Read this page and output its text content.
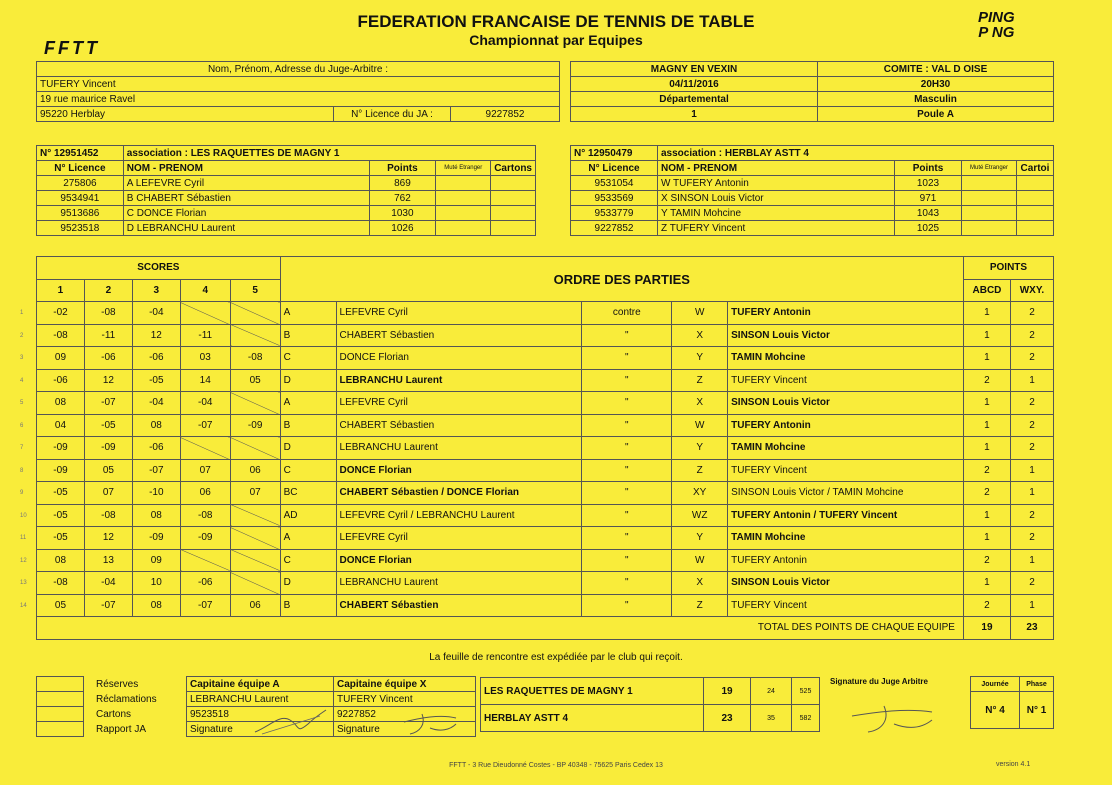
FEDERATION FRANCAISE DE TENNIS DE TABLE
Championnat par Equipes
FFTT
PING
P NG
Nom, Prénom, Adresse du Juge-Arbitre :
TUFERY Vincent
19 rue maurice Ravel
95220 Herblay	N° Licence du JA :	9227852
MAGNY EN VEXIN	COMITE : VAL D OISE
04/11/2016	20H30
Départemental	Masculin
1	Poule A
N° 12951452	association : LES RAQUETTES DE MAGNY 1			
N° Licence	NOM - PRENOM	Points	Muté Etranger	Cartons
275806	A LEFEVRE Cyril	869		
9534941	B CHABERT Sébastien	762		
9513686	C DONCE Florian	1030		
9523518	D LEBRANCHU Laurent	1026		
N° 12950479	association : HERBLAY ASTT 4			
N° Licence	NOM - PRENOM	Points	Muté Etranger	Cartoi
9531054	W TUFERY Antonin	1023		
9533569	X SINSON Louis Victor	971		
9533779	Y TAMIN Mohcine	1043		
9227852	Z TUFERY Vincent	1025		
SCORES					ORDRE DES PARTIES					POINTS	
1	2	3	4	5						ABCD	WXY.
-02	-08	-04			A	LEFEVRE Cyril	contre	W	TUFERY Antonin	1	2
-08	-11	12	-11		B	CHABERT Sébastien	"	X	SINSON Louis Victor	1	2
09	-06	-06	03	-08	C	DONCE Florian	"	Y	TAMIN Mohcine	1	2
-06	12	-05	14	05	D	LEBRANCHU Laurent	"	Z	TUFERY Vincent	2	1
08	-07	-04	-04		A	LEFEVRE Cyril	"	X	SINSON Louis Victor	1	2
04	-05	08	-07	-09	B	CHABERT Sébastien	"	W	TUFERY Antonin	1	2
-09	-09	-06			D	LEBRANCHU Laurent	"	Y	TAMIN Mohcine	1	2
-09	05	-07	07	06	C	DONCE Florian	"	Z	TUFERY Vincent	2	1
-05	07	-10	06	07	BC	CHABERT Sébastien / DONCE Florian	"	XY	SINSON Louis Victor / TAMIN Mohcine	2	1
-05	-08	08	-08		AD	LEFEVRE Cyril / LEBRANCHU Laurent	"	WZ	TUFERY Antonin / TUFERY Vincent	1	2
-05	12	-09	-09		A	LEFEVRE Cyril	"	Y	TAMIN Mohcine	1	2
08	13	09			C	DONCE Florian	"	W	TUFERY Antonin	2	1
-08	-04	10	-06		D	LEBRANCHU Laurent	"	X	SINSON Louis Victor	1	2
05	-07	08	-07	06	B	CHABERT Sébastien	"	Z	TUFERY Vincent	2	1
TOTAL DES POINTS DE CHAQUE EQUIPE										19	23
1
2
3
4
5
6
7
8
9
10
11
12
13
14
La feuille de rencontre est expédiée par le club qui reçoit.
	Réserves
	Réclamations
	Cartons
	Rapport JA
Capitaine équipe A	Capitaine équipe X
LEBRANCHU Laurent	TUFERY Vincent
9523518	9227852
Signature	Signature
LES RAQUETTES DE MAGNY 1	19	24	525
HERBLAY ASTT 4	23	35	582
Signature du Juge Arbitre	Journée	Phase
N° 4	N° 1
FFTT - 3 Rue Dieudonné Costes - BP 40348 - 75625 Paris Cedex 13	version 4.1
